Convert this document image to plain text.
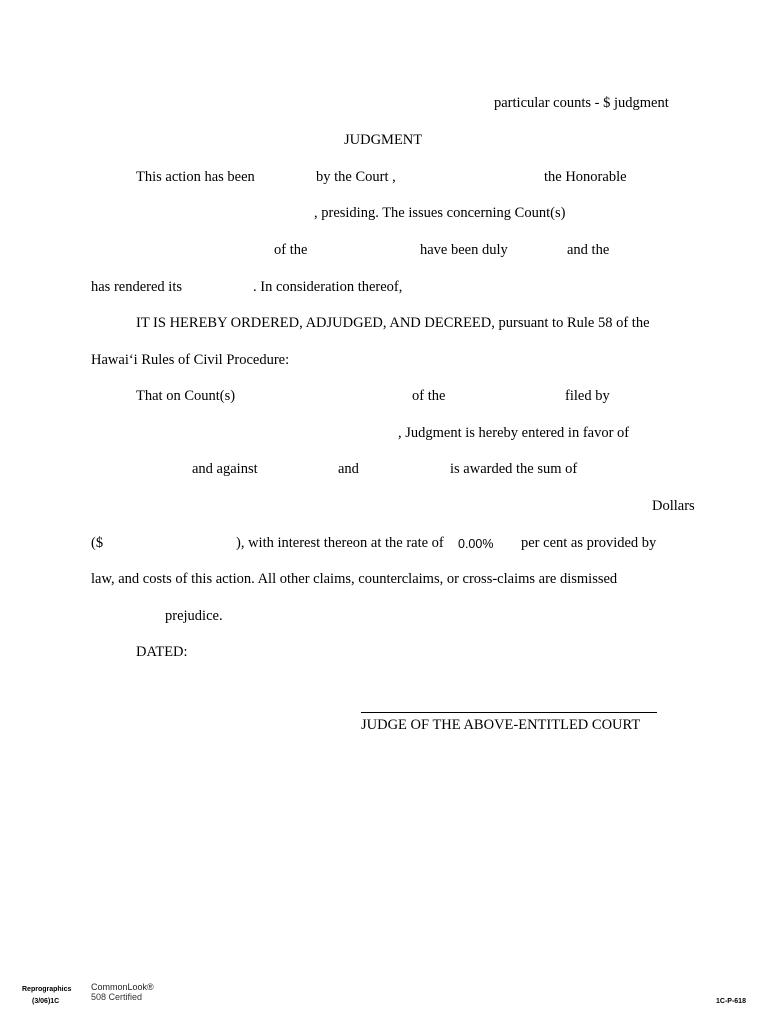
particular counts - $ judgment
JUDGMENT
This action has been	by the Court ,	the Honorable
, presiding. The issues concerning Count(s)
of the	have been duly	and the
has rendered its	. In consideration thereof,
IT IS HEREBY ORDERED, ADJUDGED, AND DECREED, pursuant to Rule 58 of the
Hawai‘i Rules of Civil Procedure:
That on Count(s)	of the	filed by
, Judgment is hereby entered in favor of
and against	and	is awarded the sum of
Dollars
($	), with interest thereon at the rate of 0.00% per cent as provided by
law, and costs of this action. All other claims, counterclaims, or cross-claims are dismissed
prejudice.
DATED:
JUDGE OF THE ABOVE-ENTITLED COURT
Reprographics
(3/06)1C
CommonLook®
508 Certified	1C-P-618
